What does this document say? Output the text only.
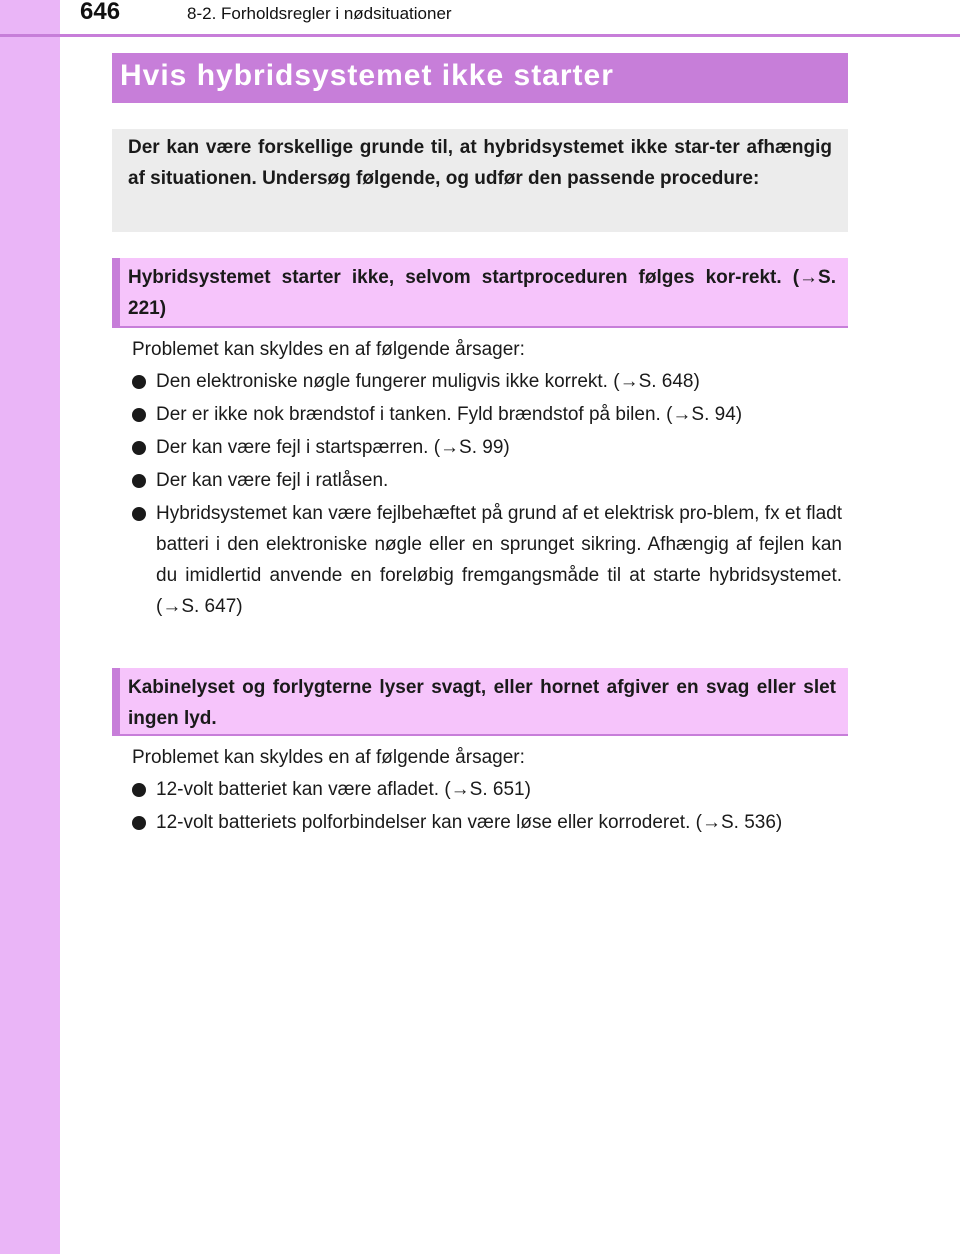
646	8-2. Forholdsregler i nødsituationer
Hvis hybridsystemet ikke starter

Der kan være forskellige grunde til, at hybridsystemet ikke star-ter afhængig af situationen. Undersøg følgende, og udfør den passende procedure:

Hybridsystemet starter ikke, selvom startproceduren følges kor-rekt. (→S. 221)

Problemet kan skyldes en af følgende årsager:

Den elektroniske nøgle fungerer muligvis ikke korrekt. (→S. 648)

Der er ikke nok brændstof i tanken. Fyld brændstof på bilen. (→S. 94)

Der kan være fejl i startspærren. (→S. 99)

Der kan være fejl i ratlåsen.

Hybridsystemet kan være fejlbehæftet på grund af et elektrisk pro-blem, fx et fladt batteri i den elektroniske nøgle eller en sprunget sikring. Afhængig af fejlen kan du imidlertid anvende en foreløbig fremgangsmåde til at starte hybridsystemet. (→S. 647)

Kabinelyset og forlygterne lyser svagt, eller hornet afgiver en svag eller slet ingen lyd.

Problemet kan skyldes en af følgende årsager:

12-volt batteriet kan være afladet. (→S. 651)

12-volt batteriets polforbindelser kan være løse eller korroderet. (→S. 536)
